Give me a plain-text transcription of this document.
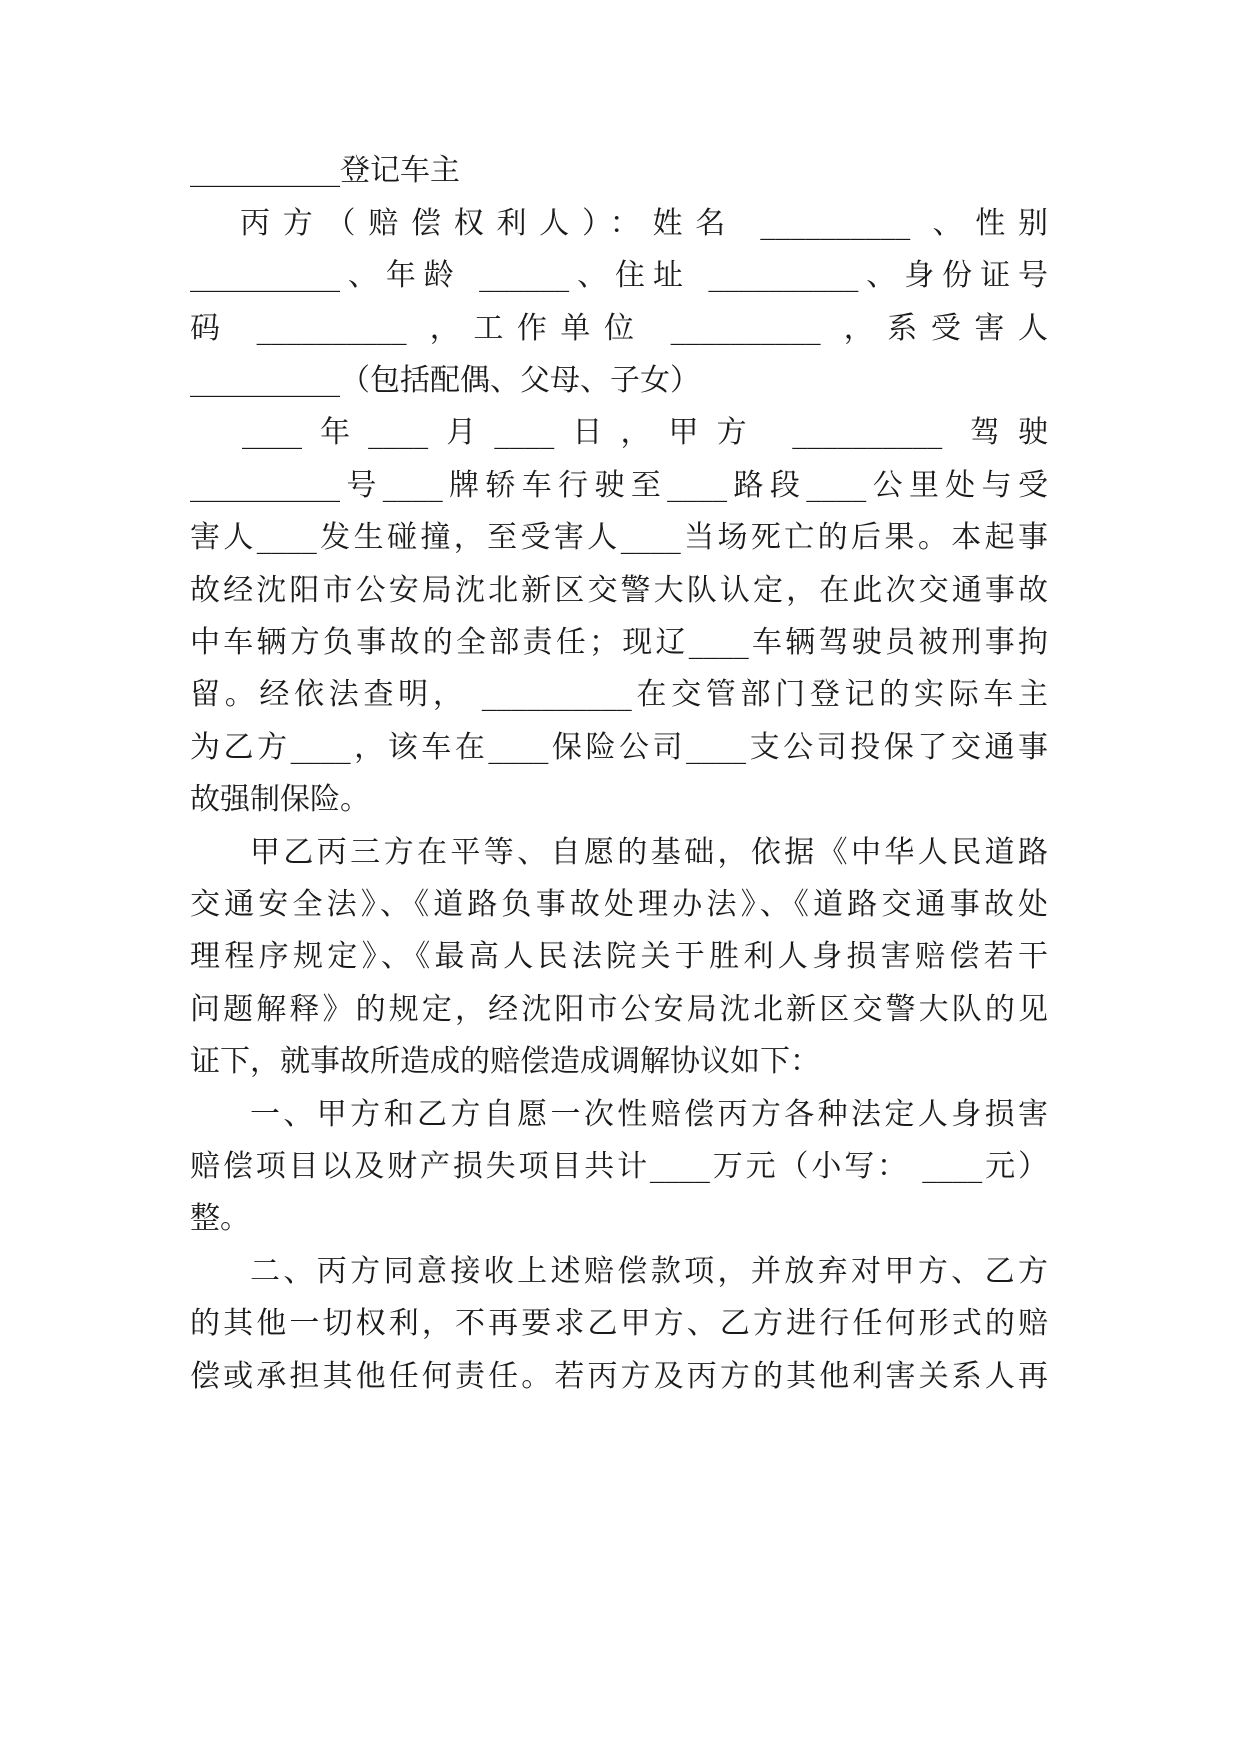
__________登记车主
丙方（赔偿权利人）：姓名 __________ 、性别
__________、年龄 ______、住址 __________、身份证号
码 __________ ，工作单位 __________ ，系受害人
__________（包括配偶、父母、子女）
____年____月____日，甲方 __________ 驾驶
__________号____牌轿车行驶至____路段____公里处与受
害人____发生碰撞，至受害人____当场死亡的后果。本起事
故经沈阳市公安局沈北新区交警大队认定，在此次交通事故
中车辆方负事故的全部责任；现辽____车辆驾驶员被刑事拘
留。经依法查明， __________在交管部门登记的实际车主
为乙方____，该车在____保险公司____支公司投保了交通事
故强制保险。
甲乙丙三方在平等、自愿的基础，依据《中华人民道路
交通安全法》、《道路负事故处理办法》、《道路交通事故处
理程序规定》、《最高人民法院关于胜利人身损害赔偿若干
问题解释》的规定，经沈阳市公安局沈北新区交警大队的见
证下，就事故所造成的赔偿造成调解协议如下：
一、甲方和乙方自愿一次性赔偿丙方各种法定人身损害
赔偿项目以及财产损失项目共计____万元（小写： ____元）
整。
二、丙方同意接收上述赔偿款项，并放弃对甲方、乙方
的其他一切权利，不再要求乙甲方、乙方进行任何形式的赔
偿或承担其他任何责任。若丙方及丙方的其他利害关系人再
